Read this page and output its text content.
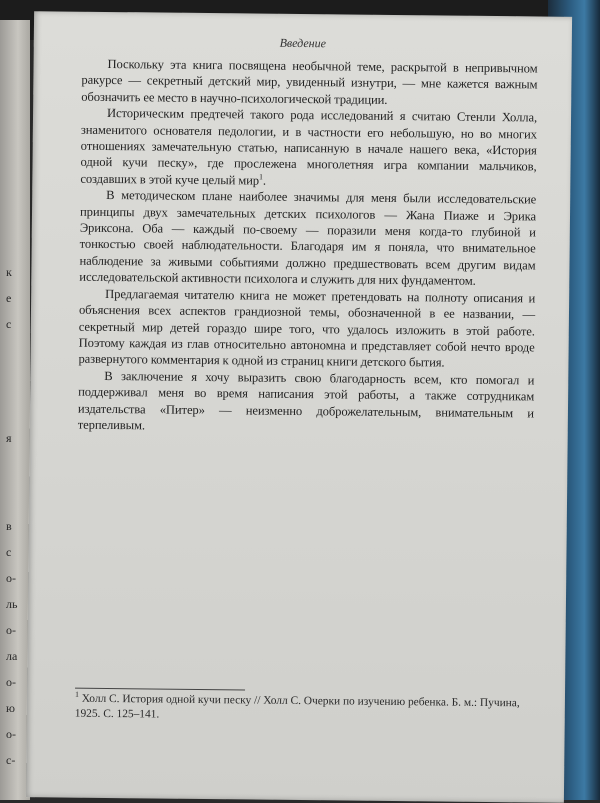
к
е
с
я
в
с
о-
ль
о-
ла
о-
ю
о-
с-
Введение

Поскольку эта книга посвящена необычной теме, раскрытой в непривычном ракурсе — секретный детский мир, увиденный изнутри, — мне кажется важным обозначить ее место в научно-психологической традиции.

Историческим предтечей такого рода исследований я считаю Стенли Холла, знаменитого основателя педологии, и в частности его небольшую, но во многих отношениях замечательную статью, написанную в начале нашего века, «История одной кучи песку», где прослежена многолетняя игра компании мальчиков, создавших в этой куче целый мир$^1$.

В методическом плане наиболее значимы для меня были исследовательские принципы двух замечательных детских психологов — Жана Пиаже и Эрика Эриксона. Оба — каждый по-своему — поразили меня когда-то глубиной и тонкостью своей наблюдательности. Благодаря им я поняла, что внимательное наблюдение за живыми событиями должно предшествовать всем другим видам исследовательской активности психолога и служить для них фундаментом.

Предлагаемая читателю книга не может претендовать на полноту описания и объяснения всех аспектов грандиозной темы, обозначенной в ее названии, — секретный мир детей гораздо шире того, что удалось изложить в этой работе. Поэтому каждая из глав относительно автономна и представляет собой нечто вроде развернутого комментария к одной из страниц книги детского бытия.

В заключение я хочу выразить свою благодарность всем, кто помогал и поддерживал меня во время написания этой работы, а также сотрудникам издательства «Питер» — неизменно доброжелательным, внимательным и терпеливым.

$^1$ Холл С. История одной кучи песку // Холл С. Очерки по изучению ребенка. Б. м.: Пучина, 1925. С. 125–141.
